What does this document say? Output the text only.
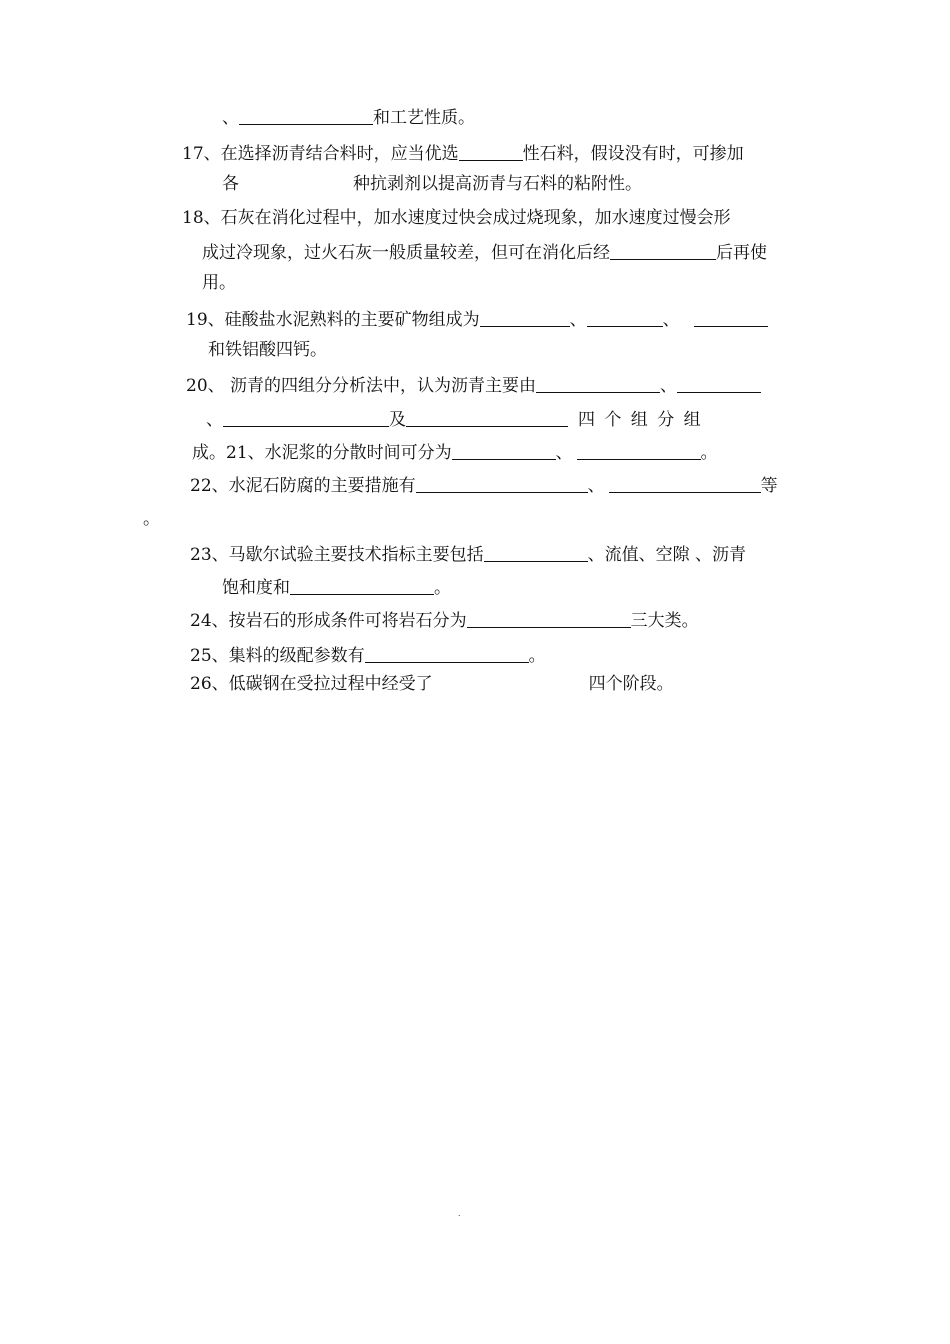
、	和工艺性质。
17、在选择沥青结合料时，应当优选	性石料，假设没有时，可掺加
各	种抗剥剂以提高沥青与石料的粘附性。
18、石灰在消化过程中，加水速度过快会成过烧现象，加水速度过慢会形
成过冷现象，过火石灰一般质量较差，但可在消化后经	后再使
用。
19、硅酸盐水泥熟料的主要矿物组成为	、	、
和铁铝酸四钙。
20、 沥青的四组分分析法中，认为沥青主要由	、
、	及	四 个 组 分 组
成。21、水泥浆的分散时间可分为	、	。
22、水泥石防腐的主要措施有	、	等
。
23、马歇尔试验主要技术指标主要包括	、流值、空隙 、沥青
饱和度和	。
24、按岩石的形成条件可将岩石分为	三大类。
25、集料的级配参数有	。
26、低碳钢在受拉过程中经受了	四个阶段。
.
